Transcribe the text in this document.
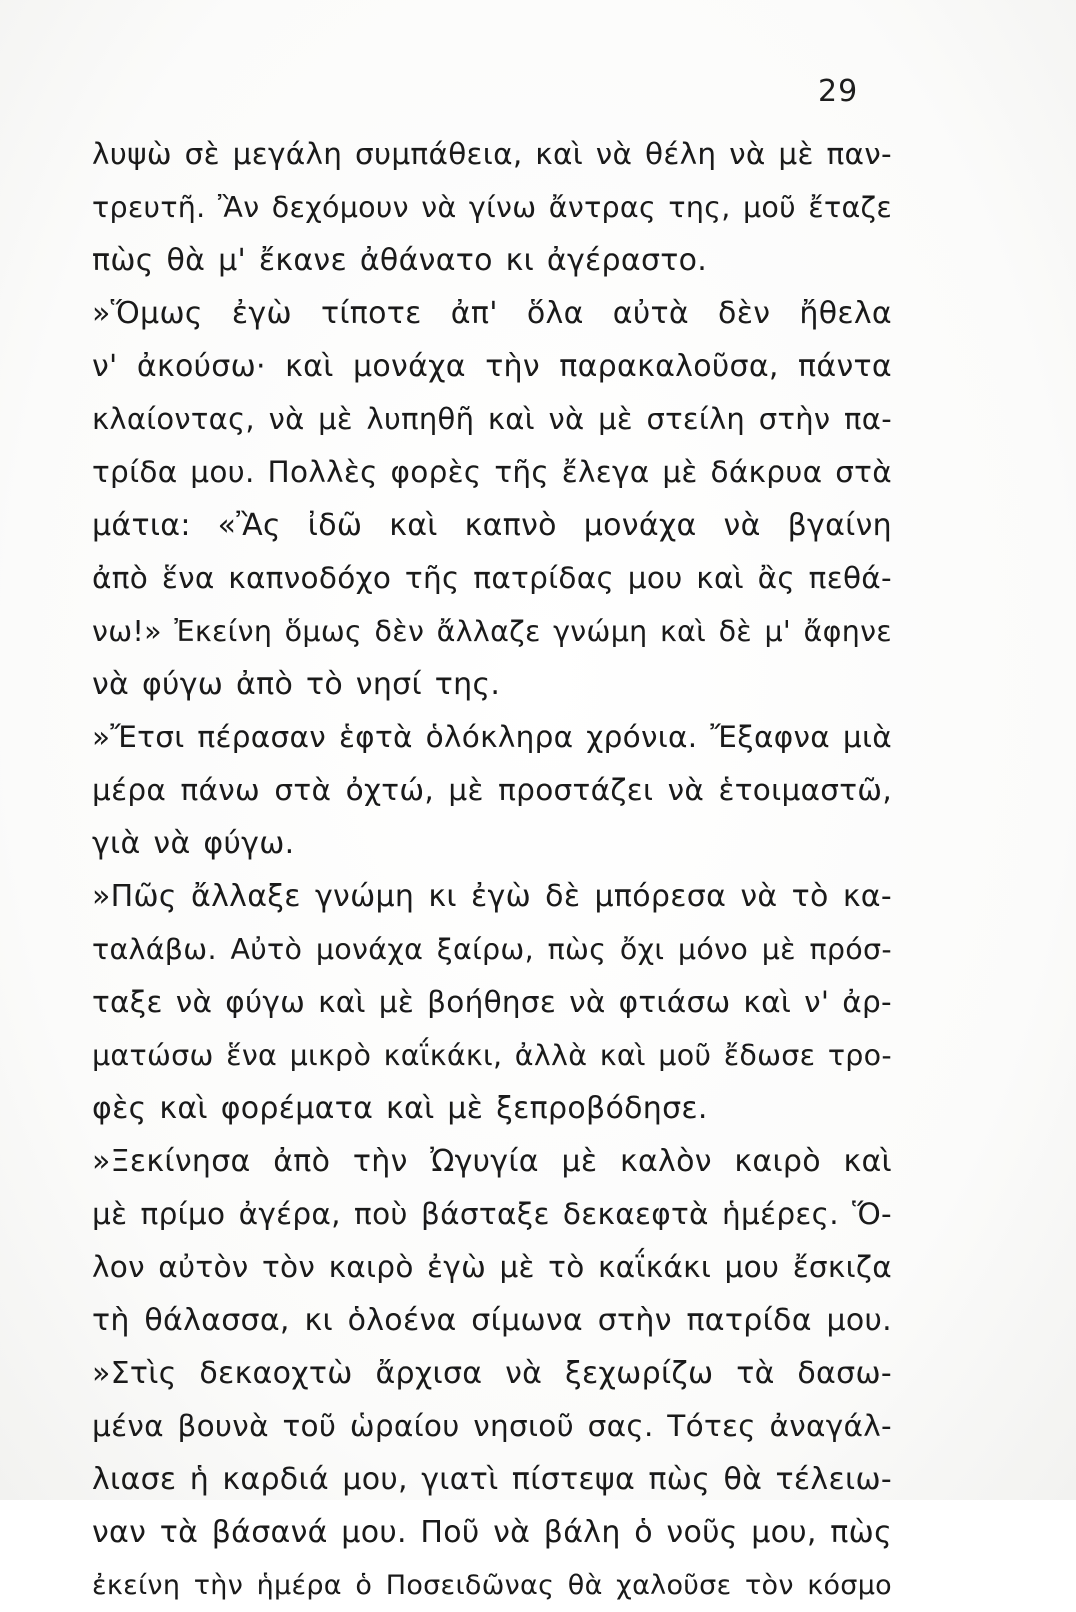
29
λυψὼ σὲ μεγάλη συμπάθεια, καὶ νὰ θέλη νὰ μὲ παν-
τρευτῆ. Ἂν δεχόμουν νὰ γίνω ἄντρας της, μοῦ ἔταζε
πὼς θὰ μ' ἔκανε ἀθάνατο κι ἀγέραστο.
»Ὅμως ἐγὼ τίποτε ἀπ' ὅλα αὐτὰ δὲν ἤθελα
ν' ἀκούσω· καὶ μονάχα τὴν παρακαλοῦσα, πάντα
κλαίοντας, νὰ μὲ λυπηθῆ καὶ νὰ μὲ στείλη στὴν πα-
τρίδα μου. Πολλὲς φορὲς τῆς ἔλεγα μὲ δάκρυα στὰ
μάτια: «Ἂς ἰδῶ καὶ καπνὸ μονάχα νὰ βγαίνη
ἀπὸ ἕνα καπνοδόχο τῆς πατρίδας μου καὶ ἂς πεθά-
νω!» Ἐκείνη ὅμως δὲν ἄλλαζε γνώμη καὶ δὲ μ' ἄφηνε
νὰ φύγω ἀπὸ τὸ νησί της.
»Ἔτσι πέρασαν ἑφτὰ ὁλόκληρα χρόνια. Ἔξαφνα μιὰ
μέρα πάνω στὰ ὀχτώ, μὲ προστάζει νὰ ἑτοιμαστῶ,
γιὰ νὰ φύγω.
»Πῶς ἄλλαξε γνώμη κι ἐγὼ δὲ μπόρεσα νὰ τὸ κα-
ταλάβω. Αὐτὸ μονάχα ξαίρω, πὼς ὄχι μόνο μὲ πρόσ-
ταξε νὰ φύγω καὶ μὲ βοήθησε νὰ φτιάσω καὶ ν' ἀρ-
ματώσω ἕνα μικρὸ καΐκάκι, ἀλλὰ καὶ μοῦ ἔδωσε τρο-
φὲς καὶ φορέματα καὶ μὲ ξεπροβόδησε.
»Ξεκίνησα ἀπὸ τὴν Ὠγυγία μὲ καλὸν καιρὸ καὶ
μὲ πρίμο ἀγέρα, ποὺ βάσταξε δεκαεφτὰ ἡμέρες. Ὅ-
λον αὐτὸν τὸν καιρὸ ἐγὼ μὲ τὸ καΐκάκι μου ἔσκιζα
τὴ θάλασσα, κι ὁλοένα σίμωνα στὴν πατρίδα μου.
»Στὶς δεκαοχτὼ ἄρχισα νὰ ξεχωρίζω τὰ δασω-
μένα βουνὰ τοῦ ὡραίου νησιοῦ σας. Τότες ἀναγάλ-
λιασε ἡ καρδιά μου, γιατὶ πίστεψα πὼς θὰ τέλειω-
ναν τὰ βάσανά μου. Ποῦ νὰ βάλη ὁ νοῦς μου, πὼς
ἐκείνη τὴν ἡμέρα ὁ Ποσειδῶνας θὰ χαλοῦσε τὸν κόσμο
